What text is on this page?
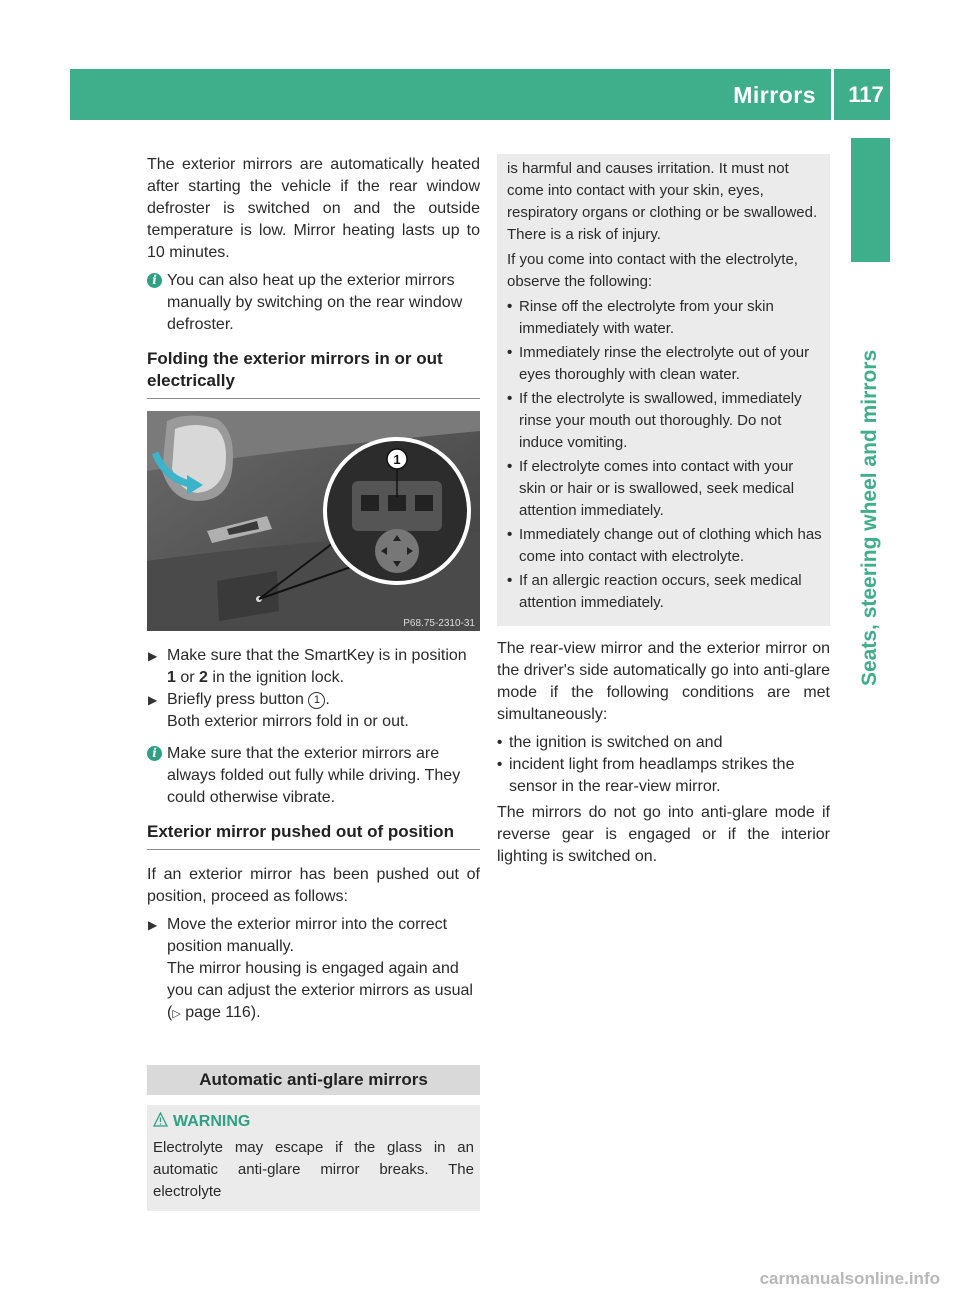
Mirrors 117
Seats, steering wheel and mirrors

The exterior mirrors are automatically heated after starting the vehicle if the rear window defroster is switched on and the outside temperature is low. Mirror heating lasts up to 10 minutes.

i You can also heat up the exterior mirrors manually by switching on the rear window defroster.
Folding the exterior mirrors in or out electrically
1
P68.75-2310-31
▶ Make sure that the SmartKey is in position
1 or 2 in the ignition lock.
▶ Briefly press button 1 .
Both exterior mirrors fold in or out.
i Make sure that the exterior mirrors are always folded out fully while driving. They could otherwise vibrate.
Exterior mirror pushed out of position

If an exterior mirror has been pushed out of position, proceed as follows:

▶ Move the exterior mirror into the correct position manually.
The mirror housing is engaged again and you can adjust the exterior mirrors as usual
(▷ page 116).
Automatic anti-glare mirrors
WARNING
Electrolyte may escape if the glass in an automatic anti-glare mirror breaks. The electrolyte

is harmful and causes irritation. It must not come into contact with your skin, eyes, respiratory organs or clothing or be swallowed. There is a risk of injury.

If you come into contact with the electrolyte, observe the following:

• Rinse off the electrolyte from your skin immediately with water.
• Immediately rinse the electrolyte out of your eyes thoroughly with clean water.
• If the electrolyte is swallowed, immediately rinse your mouth out thoroughly. Do not induce vomiting.
• If electrolyte comes into contact with your skin or hair or is swallowed, seek medical attention immediately.
• Immediately change out of clothing which has come into contact with electrolyte.
• If an allergic reaction occurs, seek medical attention immediately.

The rear-view mirror and the exterior mirror on the driver's side automatically go into anti-glare mode if the following conditions are met simultaneously:

• the ignition is switched on and
• incident light from headlamps strikes the sensor in the rear-view mirror.

The mirrors do not go into anti-glare mode if reverse gear is engaged or if the interior lighting is switched on.

carmanualsonline.info
